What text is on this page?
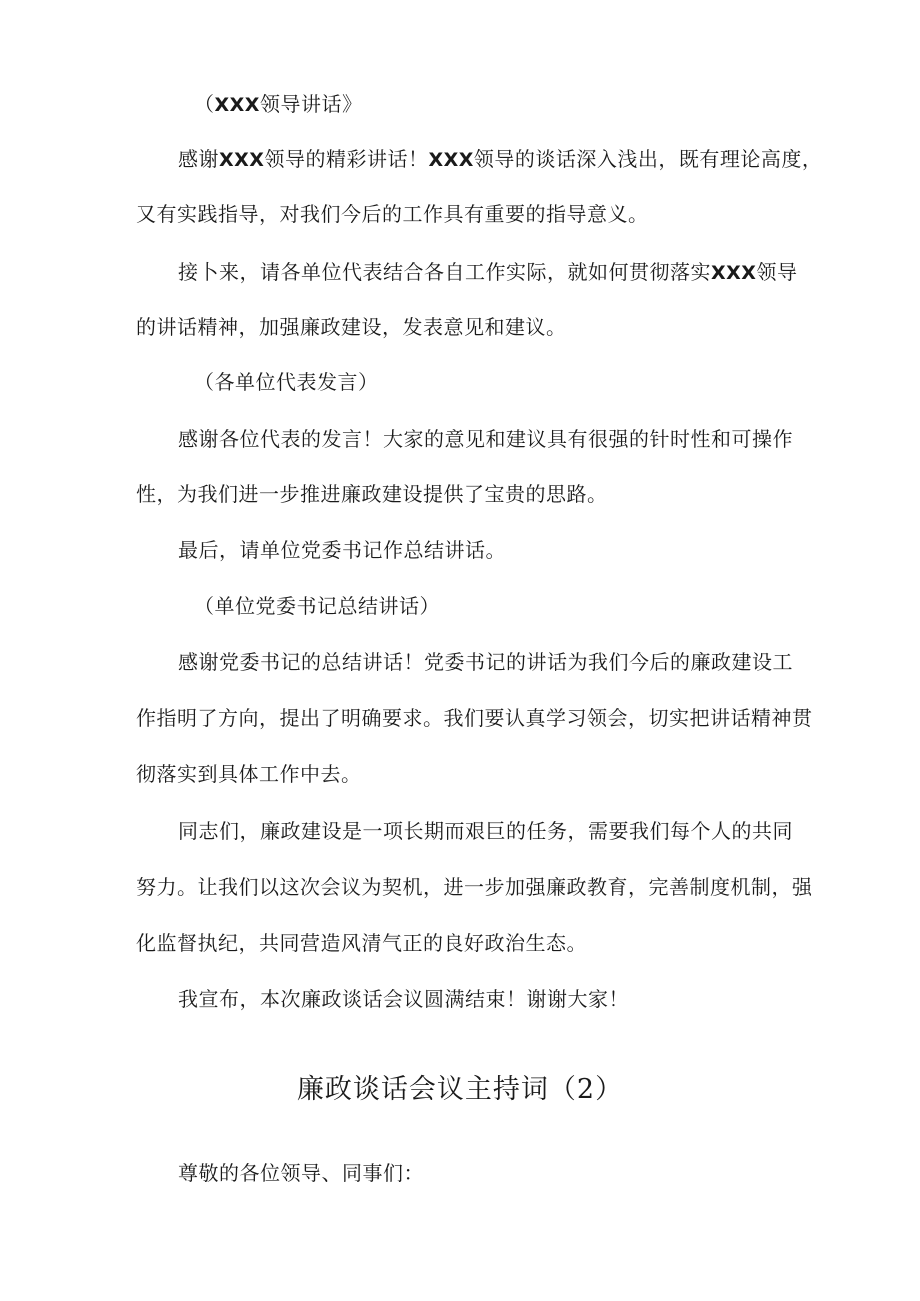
（XXX领导讲话》
感谢XXX领导的精彩讲话！XXX领导的谈话深入浅出，既有理论高度，
又有实践指导，对我们今后的工作具有重要的指导意义。
接卜来，请各单位代表结合各自工作实际，就如何贯彻落实XXX领导
的讲话精神，加强廉政建设，发表意见和建议。
（各单位代表发言）
感谢各位代表的发言！大家的意见和建议具有很强的针时性和可操作
性，为我们进一步推进廉政建设提供了宝贵的思路。
最后，请单位党委书记作总结讲话。
（单位党委书记总结讲话）
感谢党委书记的总结讲话！党委书记的讲话为我们今后的廉政建设工
作指明了方向，提出了明确要求。我们要认真学习领会，切实把讲话精神贯
彻落实到具体工作中去。
同志们，廉政建设是一项长期而艰巨的任务，需要我们每个人的共同
努力。让我们以这次会议为契机，进一步加强廉政教育，完善制度机制，强
化监督执纪，共同营造风清气正的良好政治生态。
我宣布，本次廉政谈话会议圆满结束！谢谢大家！
廉政谈话会议主持词（2）
尊敬的各位领导、同事们：
